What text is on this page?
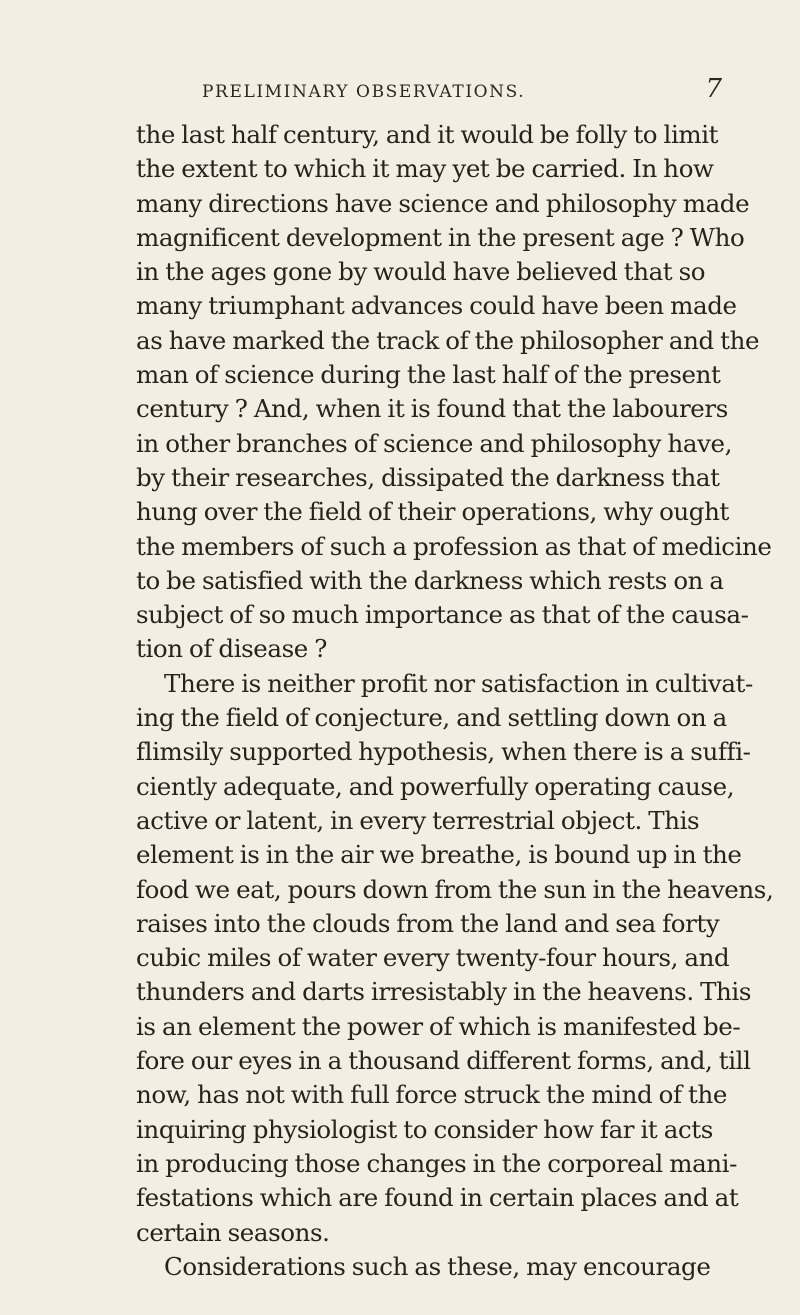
PRELIMINARY OBSERVATIONS.	7
the last half century, and it would be folly to limit
the extent to which it may yet be carried. In how
many directions have science and philosophy made
magnificent development in the present age ? Who
in the ages gone by would have believed that so
many triumphant advances could have been made
as have marked the track of the philosopher and the
man of science during the last half of the present
century ? And, when it is found that the labourers
in other branches of science and philosophy have,
by their researches, dissipated the darkness that
hung over the field of their operations, why ought
the members of such a profession as that of medicine
to be satisfied with the darkness which rests on a
subject of so much importance as that of the causa-
tion of disease ?
There is neither profit nor satisfaction in cultivat-
ing the field of conjecture, and settling down on a
flimsily supported hypothesis, when there is a suffi-
ciently adequate, and powerfully operating cause,
active or latent, in every terrestrial object. This
element is in the air we breathe, is bound up in the
food we eat, pours down from the sun in the heavens,
raises into the clouds from the land and sea forty
cubic miles of water every twenty-four hours, and
thunders and darts irresistably in the heavens. This
is an element the power of which is manifested be-
fore our eyes in a thousand different forms, and, till
now, has not with full force struck the mind of the
inquiring physiologist to consider how far it acts
in producing those changes in the corporeal mani-
festations which are found in certain places and at
certain seasons.
Considerations such as these, may encourage
